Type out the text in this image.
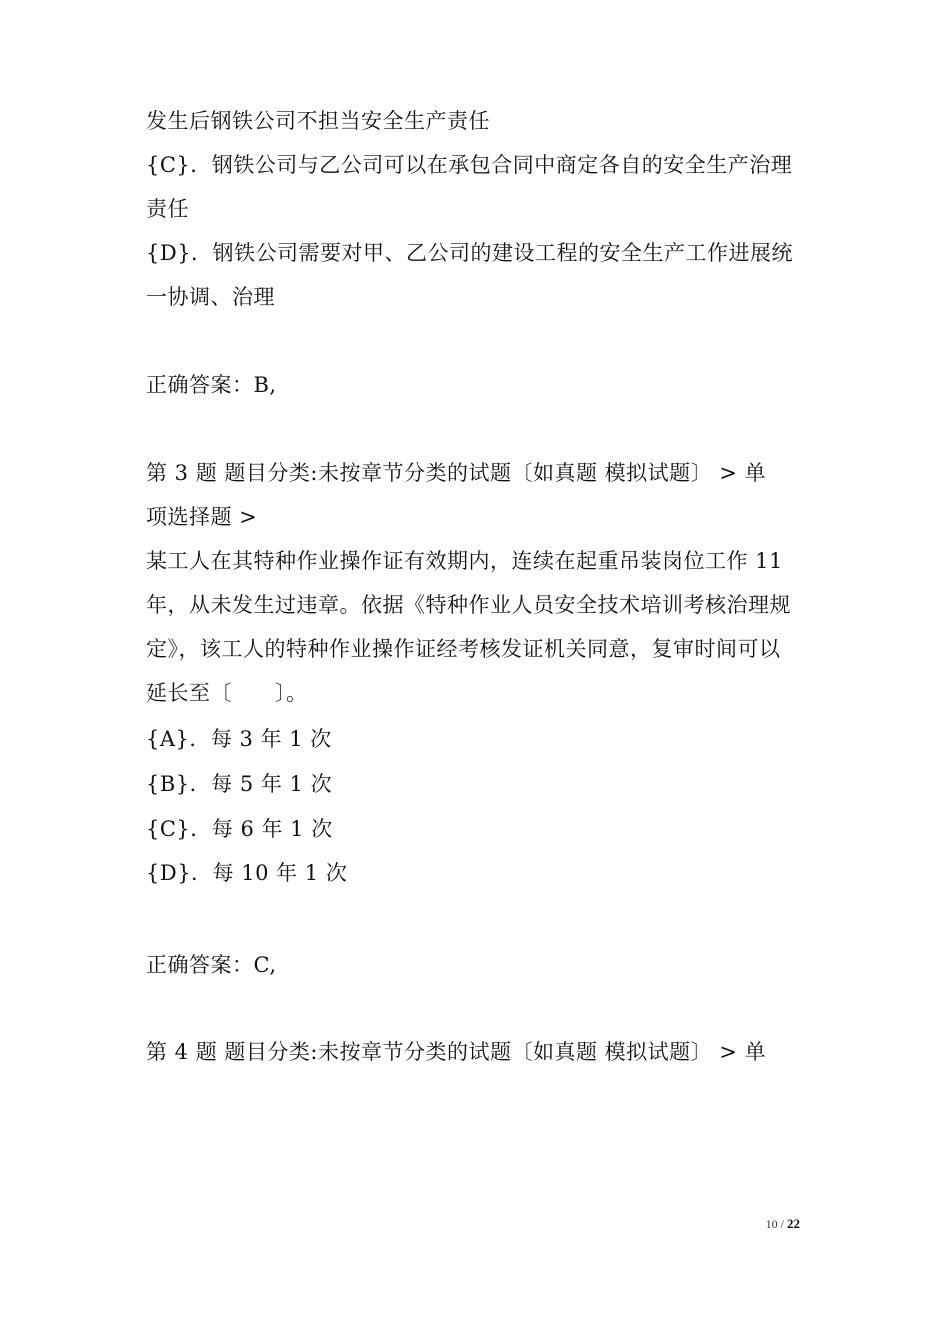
发生后钢铁公司不担当安全生产责任
{C}．钢铁公司与乙公司可以在承包合同中商定各自的安全生产治理
责任
{D}．钢铁公司需要对甲、乙公司的建设工程的安全生产工作进展统
一协调、治理
正确答案：B,
第 3 题 题目分类:未按章节分类的试题〔如真题 模拟试题〕 > 单
项选择题 >
某工人在其特种作业操作证有效期内，连续在起重吊装岗位工作 11
年，从未发生过违章。依据《特种作业人员安全技术培训考核治理规
定》，该工人的特种作业操作证经考核发证机关同意，复审时间可以
延长至〔　　〕。
{A}．每 3 年 1 次
{B}．每 5 年 1 次
{C}．每 6 年 1 次
{D}．每 10 年 1 次
正确答案：C,
第 4 题 题目分类:未按章节分类的试题〔如真题 模拟试题〕 > 单
10 / 22
